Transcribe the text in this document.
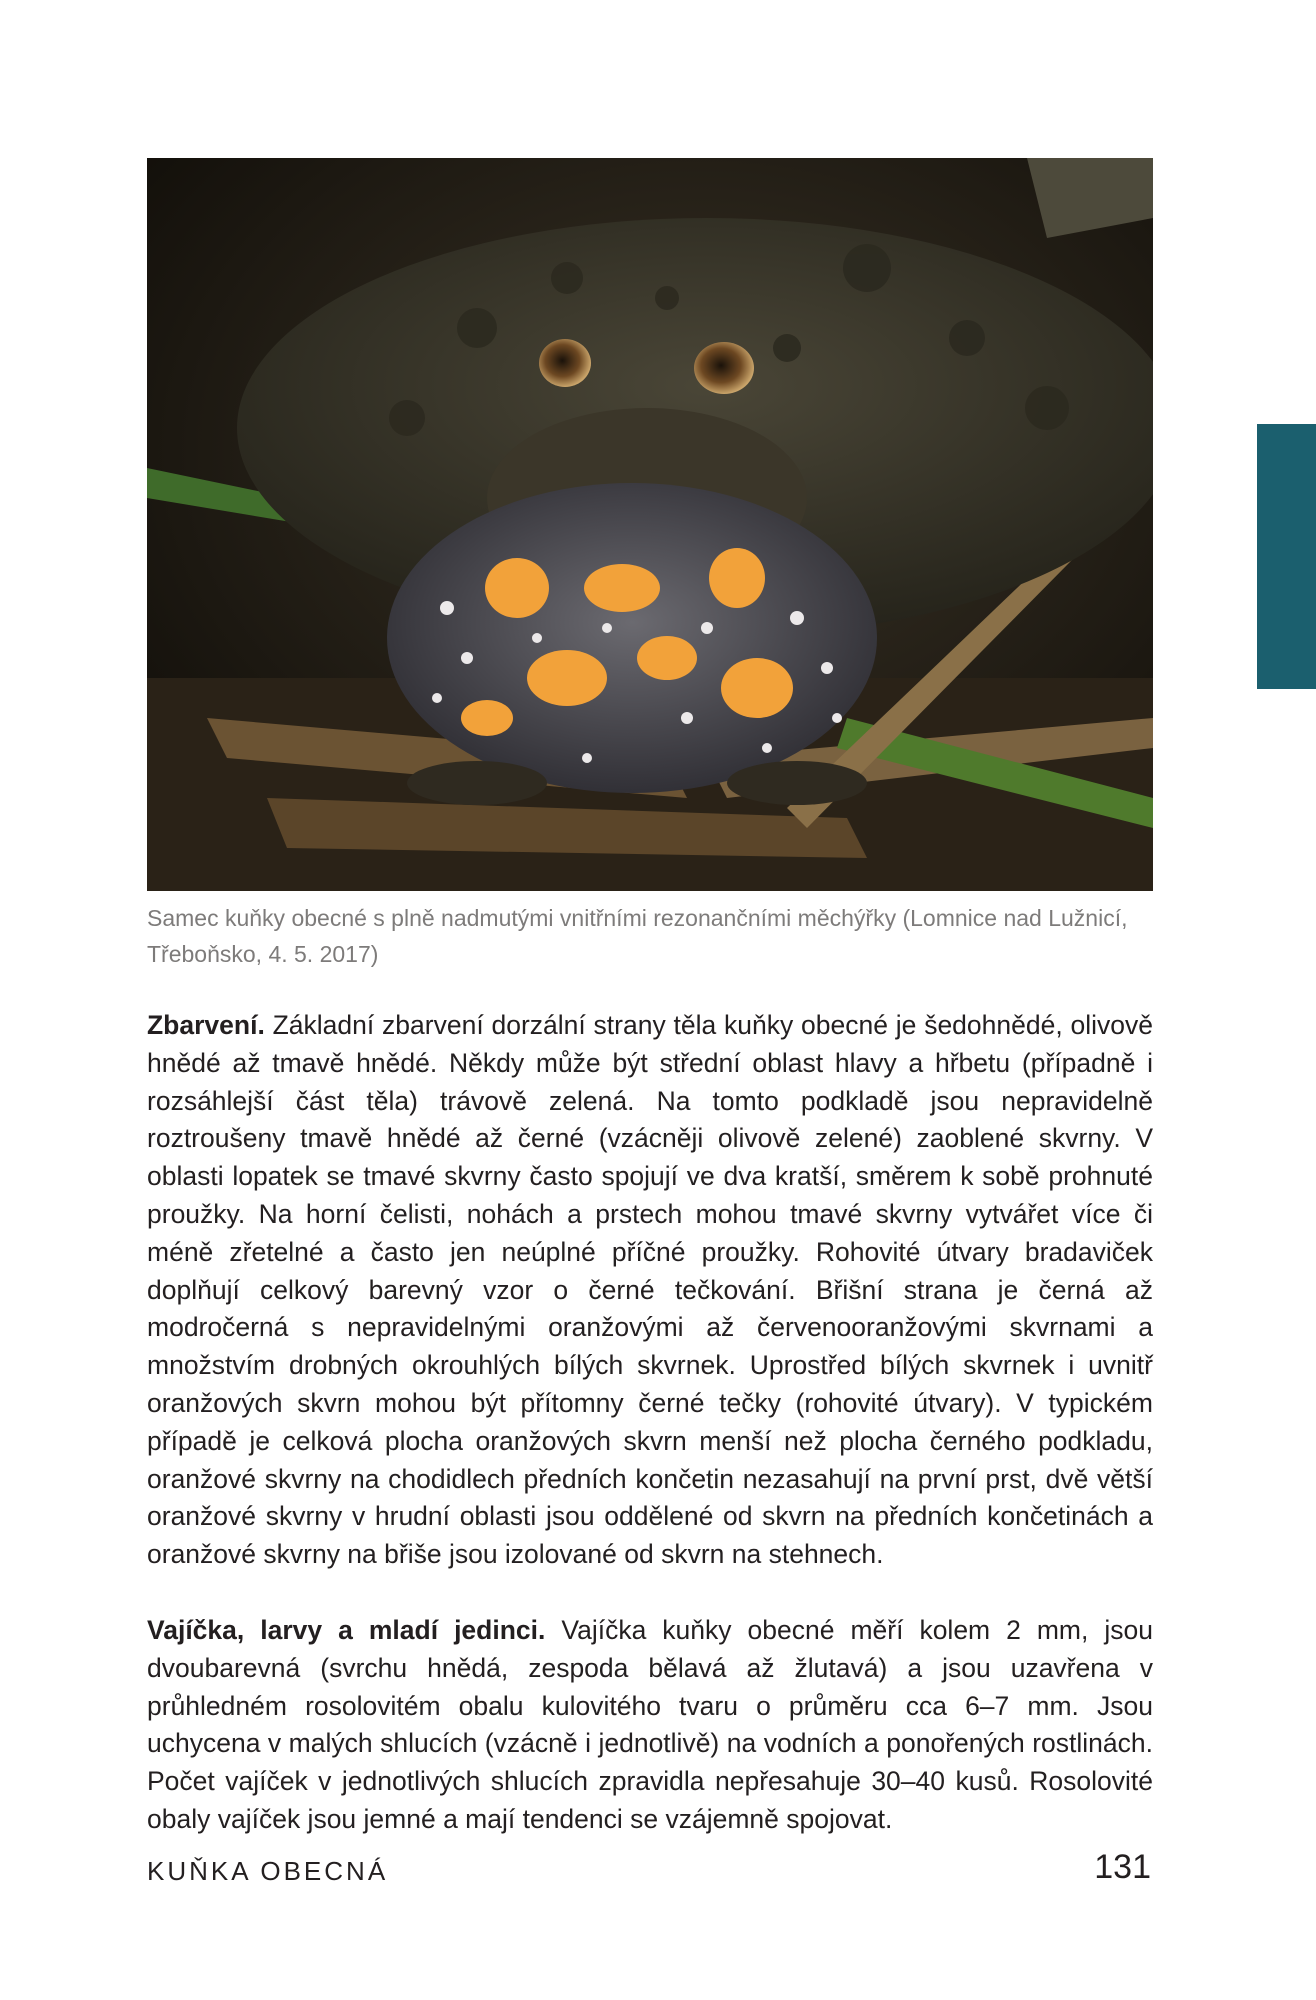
Samec kuňky obecné s plně nadmutými vnitřními rezonančními měchýřky (Lomnice nad Lužnicí,

Třeboňsko, 4. 5. 2017)

Zbarvení. Základní zbarvení dorzální strany těla kuňky obecné je šedohnědé, olivově hnědé až tmavě hnědé. Někdy může být střední oblast hlavy a hřbetu (případně i rozsáhlejší část těla) trávově zelená. Na tomto podkladě jsou nepravidelně roztroušeny tmavě hnědé až černé (vzácněji olivově zelené) zaoblené skvrny. V oblasti lopatek se tmavé skvrny často spojují ve dva kratší, směrem k sobě prohnuté proužky. Na horní čelisti, nohách a prstech mohou tmavé skvrny vytvářet více či méně zřetelné a často jen neúplné příčné proužky. Rohovité útvary bradaviček doplňují celkový barevný vzor o černé tečkování. Břišní strana je černá až modročerná s nepravidelnými oranžovými až červenooranžovými skvrnami a množstvím drobných okrouhlých bílých skvrnek. Uprostřed bílých skvrnek i uvnitř oranžových skvrn mohou být přítomny černé tečky (rohovité útvary). V typickém případě je celková plocha oranžových skvrn menší než plocha černého podkladu, oranžové skvrny na chodidlech předních končetin nezasahují na první prst, dvě větší oranžové skvrny v hrudní oblasti jsou oddělené od skvrn na předních končetinách a oranžové skvrny na břiše jsou izolované od skvrn na stehnech.

Vajíčka, larvy a mladí jedinci. Vajíčka kuňky obecné měří kolem 2 mm, jsou dvoubarevná (svrchu hnědá, zespoda bělavá až žlutavá) a jsou uzavřena v průhledném rosolovitém obalu kulovitého tvaru o průměru cca 6–7 mm. Jsou uchycena v malých shlucích (vzácně i jednotlivě) na vodních a ponořených rostlinách. Počet vajíček v jednotlivých shlucích zpravidla nepřesahuje 30–40 kusů. Rosolovité obaly vajíček jsou jemné a mají tendenci se vzájemně spojovat.

KUŇKA OBECNÁ	131
